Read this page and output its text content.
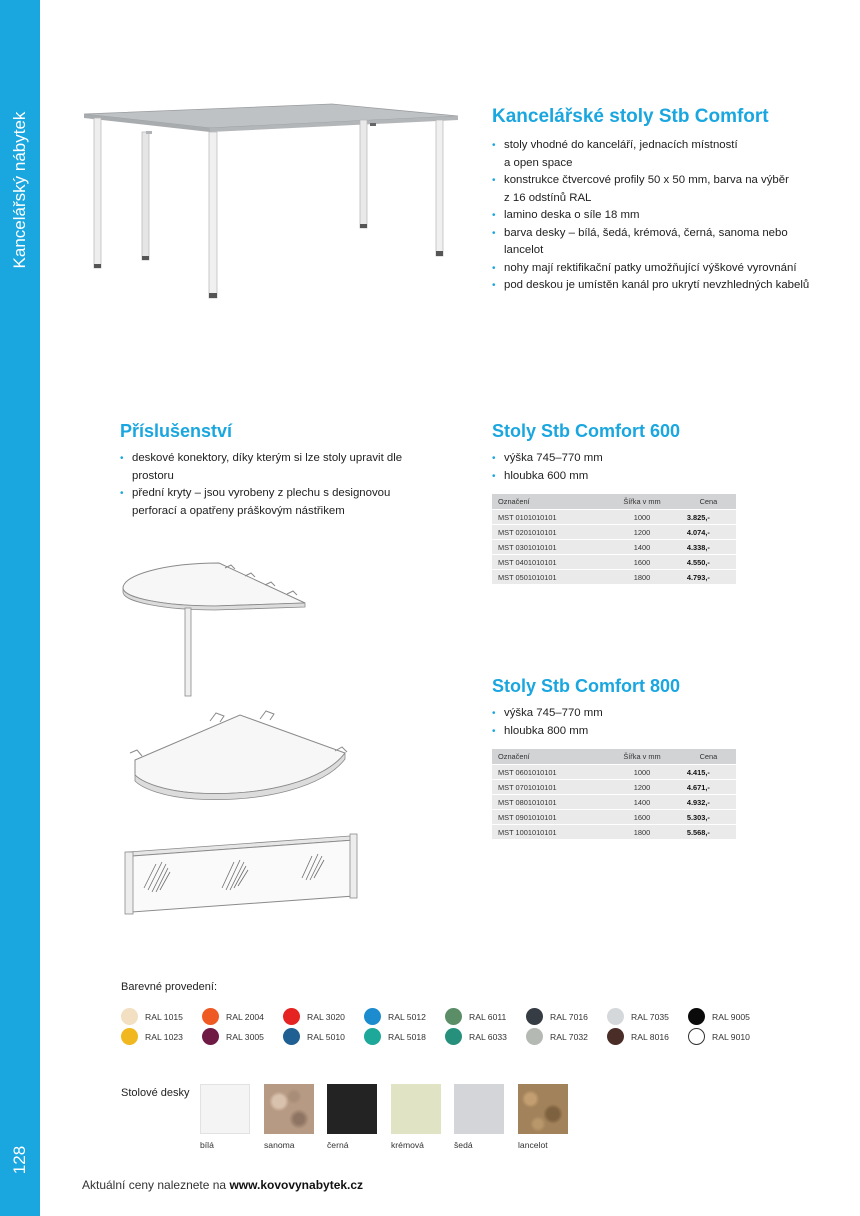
Kancelářský nábytek
128
Kancelářské stoly Stb Comfort
• stoly vhodné do kanceláří, jednacích místností
a open space
• konstrukce čtvercové profily 50 x 50 mm, barva na výběr
z 16 odstínů RAL
• lamino deska o síle 18 mm
• barva desky – bílá, šedá, krémová, černá, sanoma nebo
lancelot
• nohy mají rektifikační patky umožňující výškové vyrovnání
• pod deskou je umístěn kanál pro ukrytí nevzhledných kabelů
Příslušenství
• deskové konektory, díky kterým si lze stoly upravit dle
prostoru
• přední kryty – jsou vyrobeny z plechu s designovou
perforací a opatřeny práškovým nástřikem
Stoly Stb Comfort 600
• výška 745–770 mm
• hloubka 600 mm
Označení	Šířka v mm	Cena
MST 0101010101	1000	3.825,-
MST 0201010101	1200	4.074,-
MST 0301010101	1400	4.338,-
MST 0401010101	1600	4.550,-
MST 0501010101	1800	4.793,-
Stoly Stb Comfort 800
• výška 745–770 mm
• hloubka 800 mm
Označení	Šířka v mm	Cena
MST 0601010101	1000	4.415,-
MST 0701010101	1200	4.671,-
MST 0801010101	1400	4.932,-
MST 0901010101	1600	5.303,-
MST 1001010101	1800	5.568,-
Barevné provedení:
RAL 1015	RAL 2004	RAL 3020	RAL 5012	RAL 6011	RAL 7016	RAL 7035	RAL 9005
RAL 1023	RAL 3005	RAL 5010	RAL 5018	RAL 6033	RAL 7032	RAL 8016	RAL 9010
Stolové desky
bílá	sanoma	černá	krémová	šedá	lancelot
Aktuální ceny naleznete na www.kovovynabytek.cz
